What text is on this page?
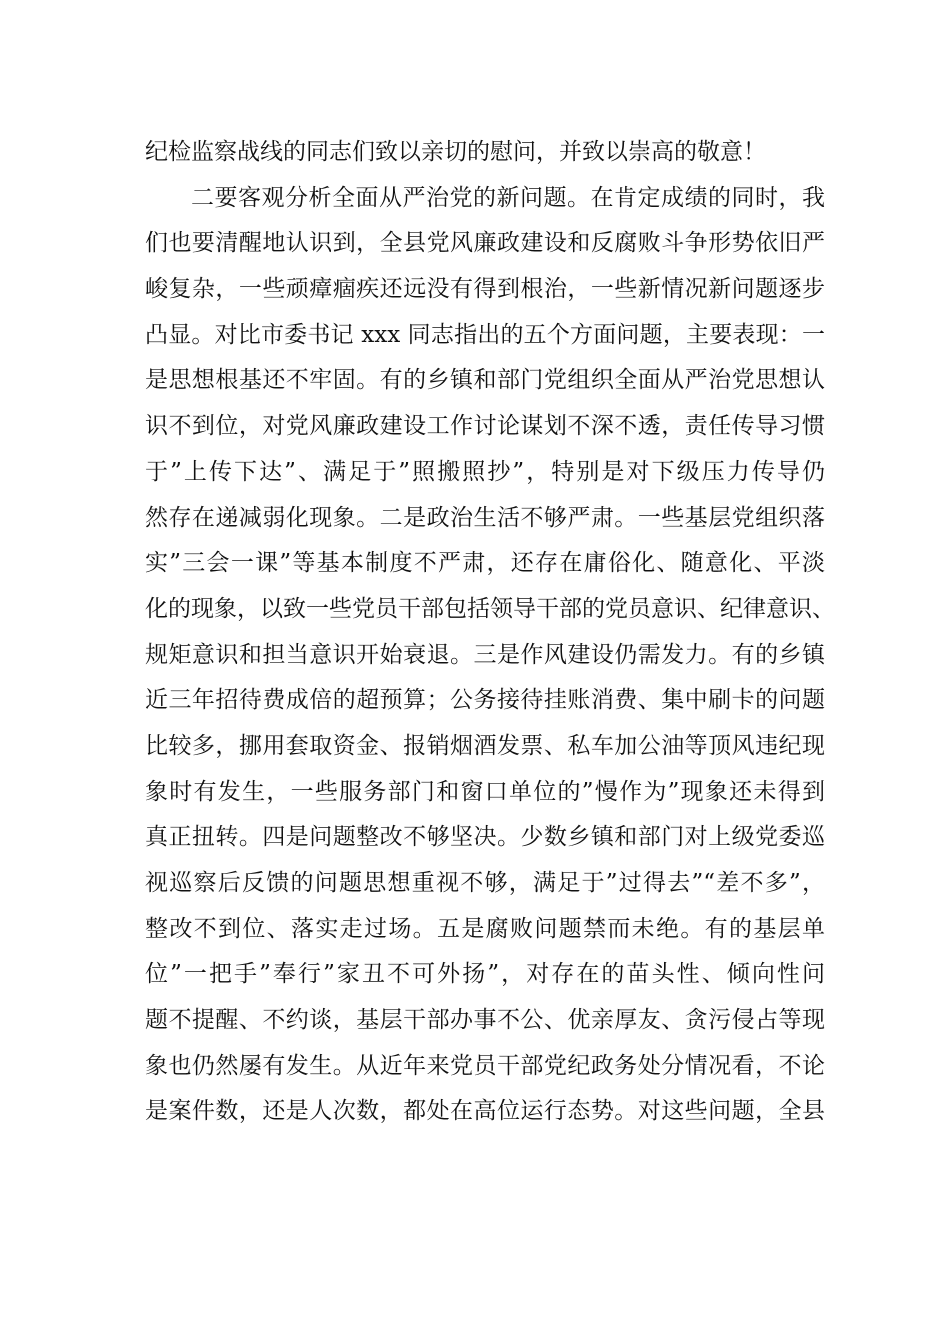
纪检监察战线的同志们致以亲切的慰问，并致以崇高的敬意！
二要客观分析全面从严治党的新问题。在肯定成绩的同时，我
们也要清醒地认识到，全县党风廉政建设和反腐败斗争形势依旧严
峻复杂，一些顽瘴痼疾还远没有得到根治，一些新情况新问题逐步
凸显。对比市委书记 xxx 同志指出的五个方面问题，主要表现：一
是思想根基还不牢固。有的乡镇和部门党组织全面从严治党思想认
识不到位，对党风廉政建设工作讨论谋划不深不透，责任传导习惯
于”上传下达”、满足于”照搬照抄”，特别是对下级压力传导仍
然存在递减弱化现象。二是政治生活不够严肃。一些基层党组织落
实”三会一课”等基本制度不严肃，还存在庸俗化、随意化、平淡
化的现象，以致一些党员干部包括领导干部的党员意识、纪律意识、
规矩意识和担当意识开始衰退。三是作风建设仍需发力。有的乡镇
近三年招待费成倍的超预算；公务接待挂账消费、集中刷卡的问题
比较多，挪用套取资金、报销烟酒发票、私车加公油等顶风违纪现
象时有发生，一些服务部门和窗口单位的”慢作为”现象还未得到
真正扭转。四是问题整改不够坚决。少数乡镇和部门对上级党委巡
视巡察后反馈的问题思想重视不够，满足于”过得去”“差不多”，
整改不到位、落实走过场。五是腐败问题禁而未绝。有的基层单
位”一把手”奉行”家丑不可外扬”，对存在的苗头性、倾向性问
题不提醒、不约谈，基层干部办事不公、优亲厚友、贪污侵占等现
象也仍然屡有发生。从近年来党员干部党纪政务处分情况看，不论
是案件数，还是人次数，都处在高位运行态势。对这些问题，全县
